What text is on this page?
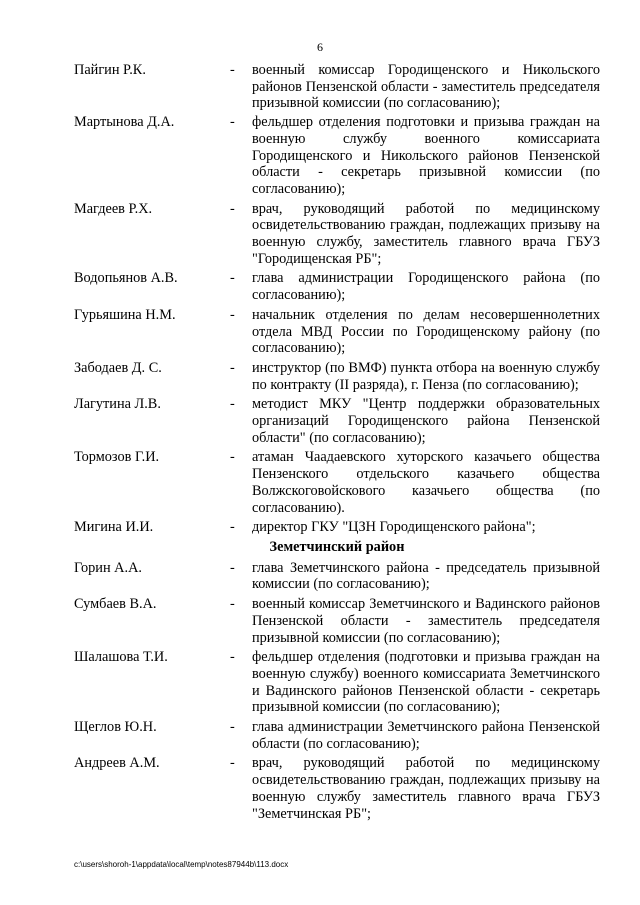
6
Пайгин Р.К.	-	военный комиссар Городищенского и Никольского районов Пензенской области - заместитель председателя призывной комиссии (по согласованию);
Мартынова Д.А.	-	фельдшер отделения подготовки и призыва граждан на военную службу военного комиссариата Городищенского и Никольского районов Пензенской области - секретарь призывной комиссии (по согласованию);
Магдеев Р.Х.	-	врач, руководящий работой по медицинскому освидетельствованию граждан, подлежащих призыву на военную службу, заместитель главного врача ГБУЗ "Городищенская РБ";
Водопьянов А.В.	-	глава администрации Городищенского района (по согласованию);
Гурьяшина Н.М.	-	начальник отделения по делам несовершеннолетних отдела МВД России по Городищенскому району (по согласованию);
Забодаев Д. С.	-	инструктор (по ВМФ) пункта отбора на военную службу по контракту (II разряда), г. Пенза (по согласованию);
Лагутина Л.В.	-	методист МКУ "Центр поддержки образовательных организаций Городищенского района Пензенской области" (по согласованию);
Тормозов Г.И.	-	атаман Чаадаевского хуторского казачьего общества Пензенского отдельского казачьего общества Волжскоговойскового казачьего общества (по согласованию).
Мигина И.И.	-	директор ГКУ "ЦЗН Городищенского района";
Земетчинский район
Горин А.А.	-	глава Земетчинского района - председатель призывной комиссии (по согласованию);
Сумбаев В.А.	-	военный комиссар Земетчинского и Вадинского районов Пензенской области - заместитель председателя призывной комиссии (по согласованию);
Шалашова Т.И.	-	фельдшер отделения (подготовки и призыва граждан на военную службу) военного комиссариата Земетчинского и Вадинского районов Пензенской области - секретарь призывной комиссии (по согласованию);
Щеглов Ю.Н.	-	глава администрации Земетчинского района Пензенской области (по согласованию);
Андреев А.М.	-	врач, руководящий работой по медицинскому освидетельствованию граждан, подлежащих призыву на военную службу заместитель главного врача ГБУЗ "Земетчинская РБ";
c:\users\shoroh-1\appdata\local\temp\notes87944b\113.docx
